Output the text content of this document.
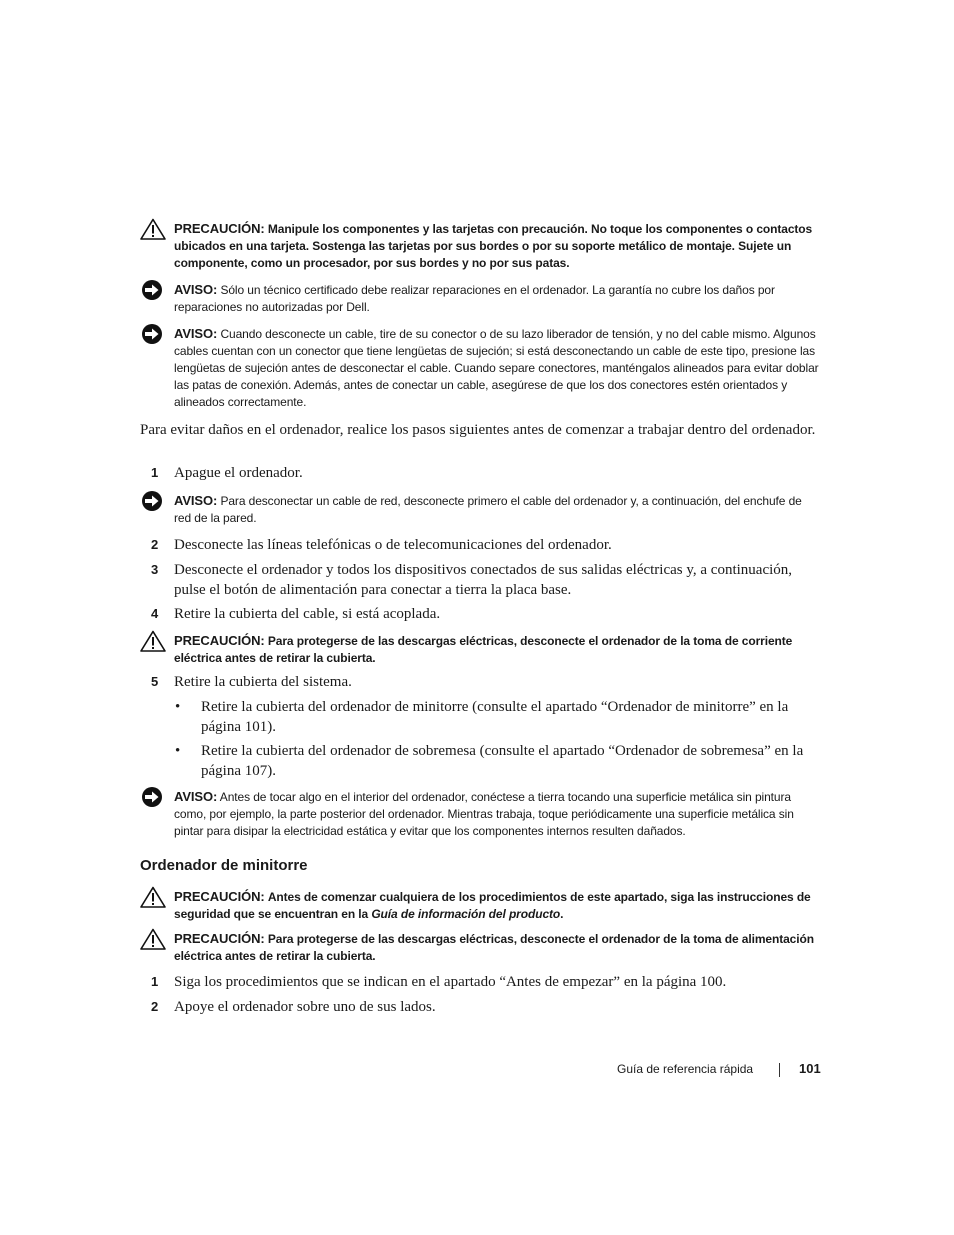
PRECAUCIÓN: Manipule los componentes y las tarjetas con precaución. No toque los componentes o contactos ubicados en una tarjeta. Sostenga las tarjetas por sus bordes o por su soporte metálico de montaje. Sujete un componente, como un procesador, por sus bordes y no por sus patas.
AVISO: Sólo un técnico certificado debe realizar reparaciones en el ordenador. La garantía no cubre los daños por reparaciones no autorizadas por Dell.
AVISO: Cuando desconecte un cable, tire de su conector o de su lazo liberador de tensión, y no del cable mismo. Algunos cables cuentan con un conector que tiene lengüetas de sujeción; si está desconectando un cable de este tipo, presione las lengüetas de sujeción antes de desconectar el cable. Cuando separe conectores, manténgalos alineados para evitar doblar las patas de conexión. Además, antes de conectar un cable, asegúrese de que los dos conectores estén orientados y alineados correctamente.
Para evitar daños en el ordenador, realice los pasos siguientes antes de comenzar a trabajar dentro del ordenador.
1 Apague el ordenador.
AVISO: Para desconectar un cable de red, desconecte primero el cable del ordenador y, a continuación, del enchufe de red de la pared.
2 Desconecte las líneas telefónicas o de telecomunicaciones del ordenador.
3 Desconecte el ordenador y todos los dispositivos conectados de sus salidas eléctricas y, a continuación, pulse el botón de alimentación para conectar a tierra la placa base.
4 Retire la cubierta del cable, si está acoplada.
PRECAUCIÓN: Para protegerse de las descargas eléctricas, desconecte el ordenador de la toma de corriente eléctrica antes de retirar la cubierta.
5 Retire la cubierta del sistema.
• Retire la cubierta del ordenador de minitorre (consulte el apartado “Ordenador de minitorre” en la página 101).
• Retire la cubierta del ordenador de sobremesa (consulte el apartado “Ordenador de sobremesa” en la página 107).
AVISO: Antes de tocar algo en el interior del ordenador, conéctese a tierra tocando una superficie metálica sin pintura como, por ejemplo, la parte posterior del ordenador. Mientras trabaja, toque periódicamente una superficie metálica sin pintar para disipar la electricidad estática y evitar que los componentes internos resulten dañados.
Ordenador de minitorre
PRECAUCIÓN: Antes de comenzar cualquiera de los procedimientos de este apartado, siga las instrucciones de seguridad que se encuentran en la Guía de información del producto.
PRECAUCIÓN: Para protegerse de las descargas eléctricas, desconecte el ordenador de la toma de alimentación eléctrica antes de retirar la cubierta.
1 Siga los procedimientos que se indican en el apartado “Antes de empezar” en la página 100.
2 Apoye el ordenador sobre uno de sus lados.
Guía de referencia rápida	101
